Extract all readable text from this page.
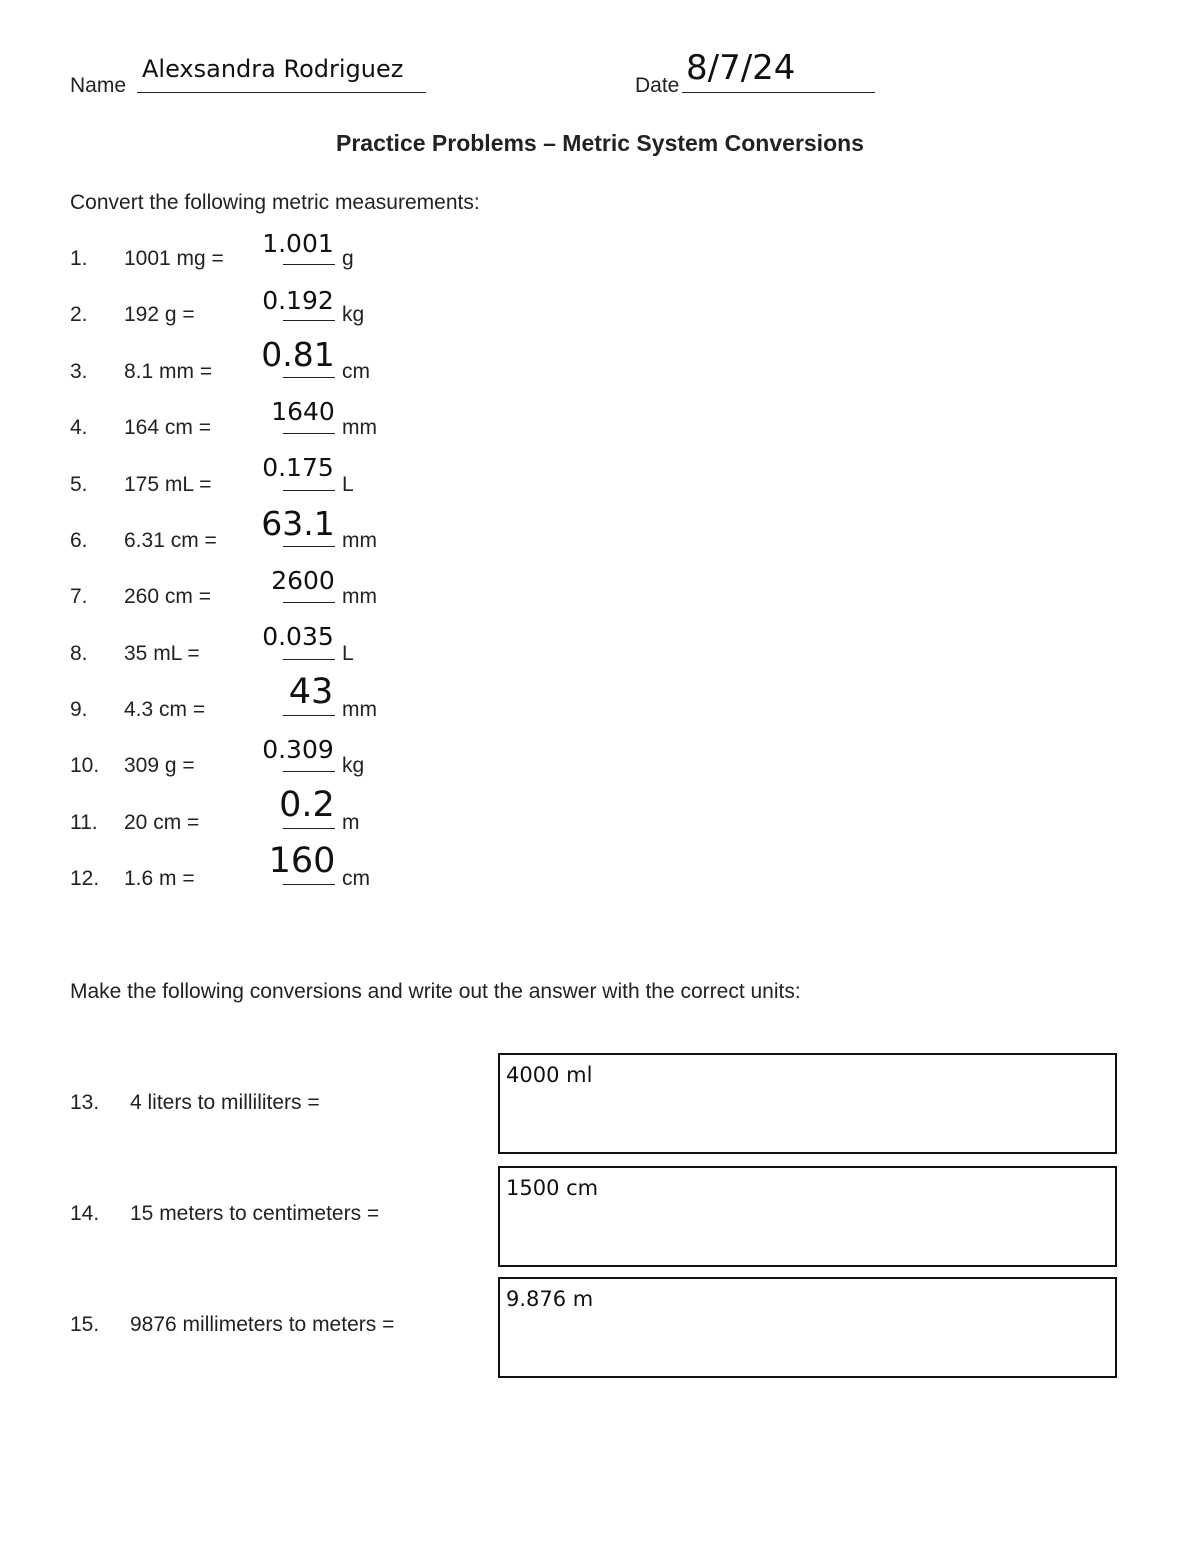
Name
Alexsandra Rodriguez
Date 8/7/24
Practice Problems – Metric System Conversions
Convert the following metric measurements:
1. 1001 mg =
1.001
g
2. 192 g =	0.192 kg
3. 8.1 mm = 0.81 cm
4. 164 cm =
1640
mm
5. 175 mL =
0.175
L
6. 6.31 cm = 63.1 mm
7. 260 cm =
2600
mm
8. 35 mL =
0.035
L
9. 4.3 cm =	43 mm
10. 309 g =
0.309
kg
11. 20 cm =	0.2 m
12. 1.6 m = 160 cm
Make the following conversions and write out the answer with the correct units:
13. 4 liters to milliliters =
4000 ml
14. 15 meters to centimeters =
1500 cm
15. 9876 millimeters to meters =
9.876 m
